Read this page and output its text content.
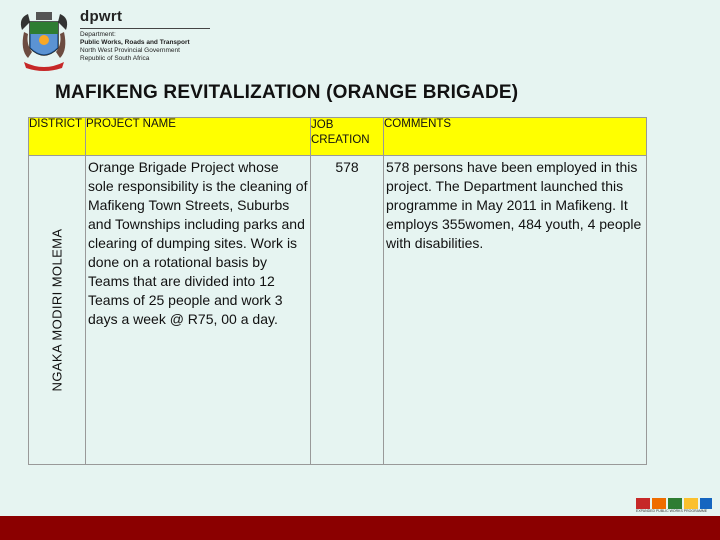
dpwrt
Department:
Public Works, Roads and Transport
North West Provincial Government
Republic of South Africa
MAFIKENG REVITALIZATION (ORANGE BRIGADE)
DISTRICT	PROJECT NAME	JOB CREATION	COMMENTS

NGAKA MODIRI MOLEMA	Orange Brigade Project whose sole responsibility is the cleaning of Mafikeng Town Streets, Suburbs and Townships including parks and clearing of dumping sites. Work is done on a rotational basis by Teams that are divided into 12 Teams of 25 people and work 3 days a week @ R75, 00 a day.	578	578 persons have been employed in this project. The Department launched this programme in May 2011 in Mafikeng. It employs 355women, 484 youth, 4 people with disabilities.
EXPANDED PUBLIC WORKS PROGRAMME
